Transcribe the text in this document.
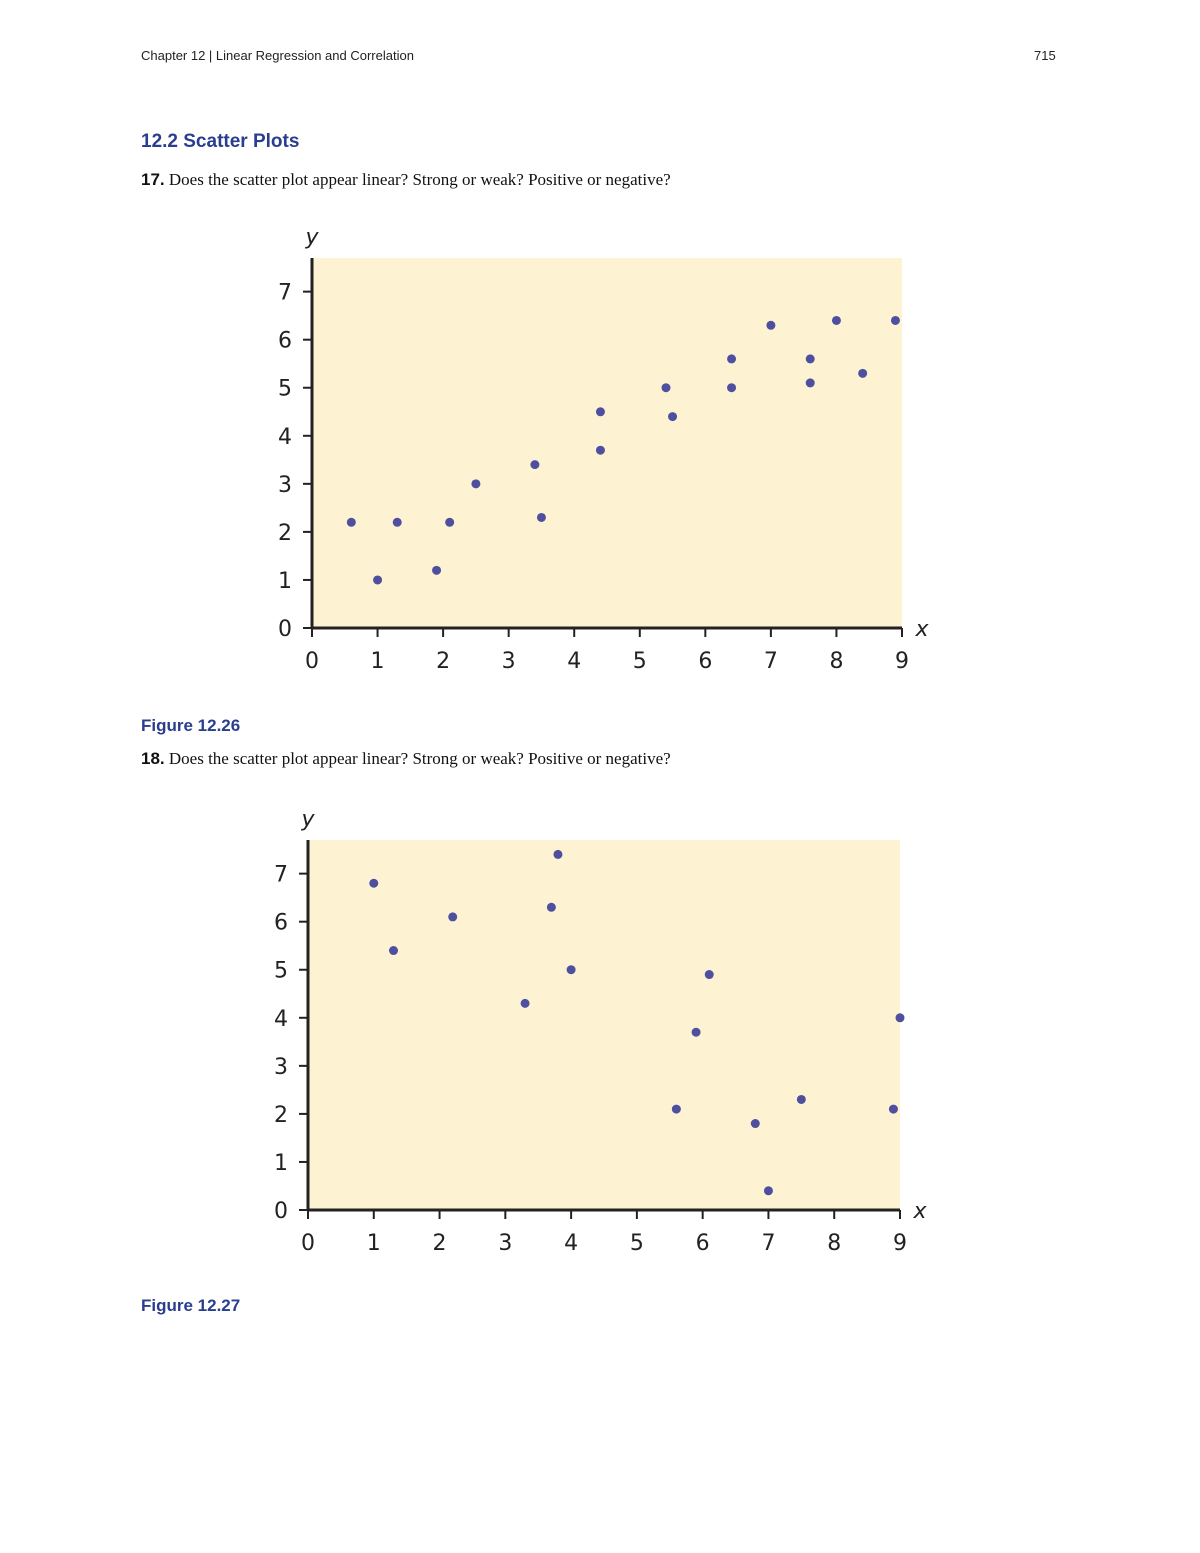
Chapter 12 | Linear Regression and Correlation	715
12.2 Scatter Plots
17. Does the scatter plot appear linear? Strong or weak? Positive or negative?
0 1 2 3 4 5 6 7 8 9
0
1
2
3
4
5
6
7
x
y
Figure 12.26
18. Does the scatter plot appear linear? Strong or weak? Positive or negative?
0 1 2 3 4 5 6 7 8 9
0
1
2
3
4
5
6
7
x
y
Figure 12.27
